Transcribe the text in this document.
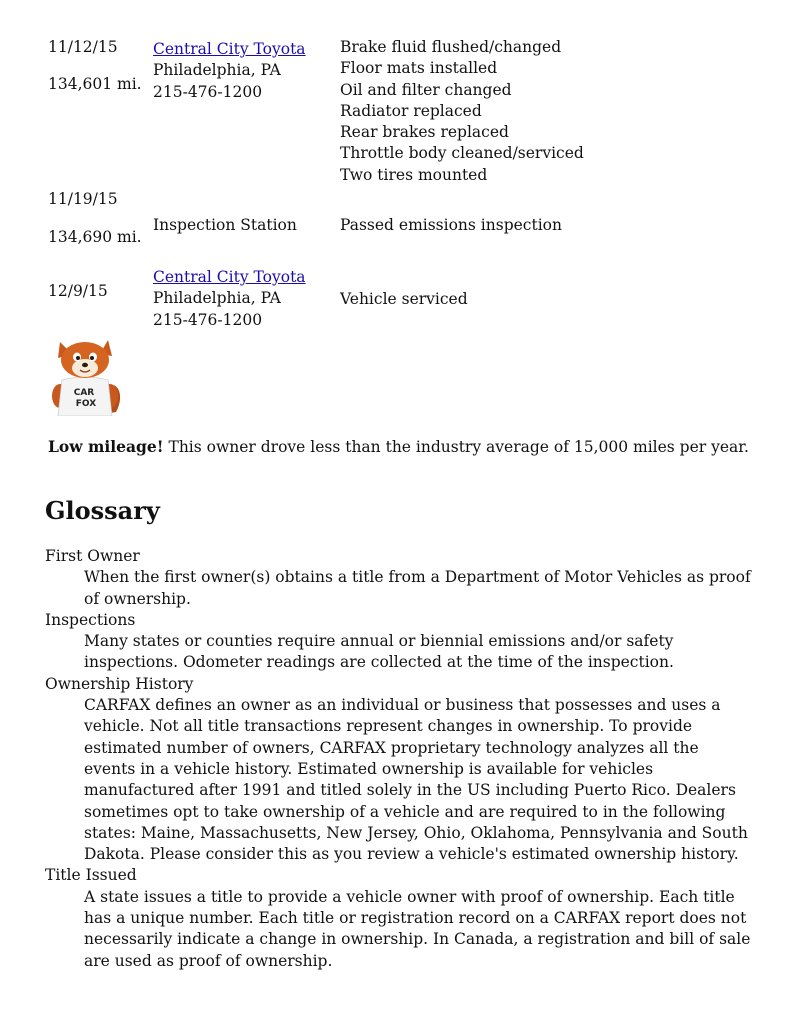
11/12/15
134,601 mi.
Central City Toyota
Philadelphia, PA
215-476-1200
Brake fluid flushed/changed
Floor mats installed
Oil and filter changed
Radiator replaced
Rear brakes replaced
Throttle body cleaned/serviced
Two tires mounted
11/19/15
134,690 mi.
Inspection Station	Passed emissions inspection
12/9/15
Central City Toyota
Philadelphia, PA
215-476-1200
Vehicle serviced
CAR
FOX
Low mileage! This owner drove less than the industry average of 15,000 miles per year.
Glossary
First Owner
When the first owner(s) obtains a title from a Department of Motor Vehicles as proof of ownership.
Inspections
Many states or counties require annual or biennial emissions and/or safety inspections. Odometer readings are collected at the time of the inspection.
Ownership History
CARFAX defines an owner as an individual or business that possesses and uses a vehicle. Not all title transactions represent changes in ownership. To provide estimated number of owners, CARFAX proprietary technology analyzes all the events in a vehicle history. Estimated ownership is available for vehicles manufactured after 1991 and titled solely in the US including Puerto Rico. Dealers sometimes opt to take ownership of a vehicle and are required to in the following states: Maine, Massachusetts, New Jersey, Ohio, Oklahoma, Pennsylvania and South Dakota. Please consider this as you review a vehicle's estimated ownership history.
Title Issued
A state issues a title to provide a vehicle owner with proof of ownership. Each title has a unique number. Each title or registration record on a CARFAX report does not necessarily indicate a change in ownership. In Canada, a registration and bill of sale are used as proof of ownership.
